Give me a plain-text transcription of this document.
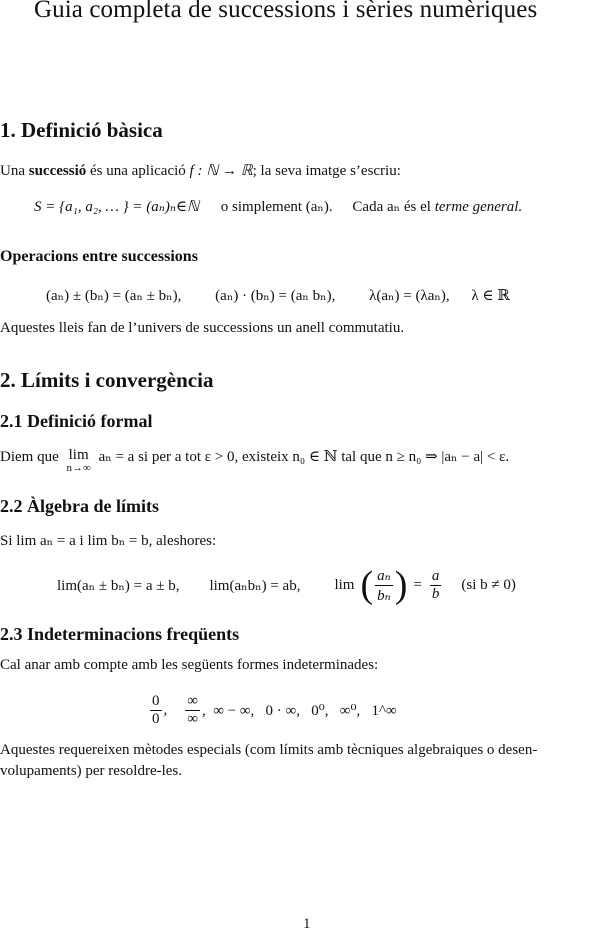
Guia completa de successions i sèries numèriques
1. Definició bàsica
Una successió és una aplicació f : ℕ → ℝ; la seva imatge s’escriu:
S = {a₁, a₂, … } = (aₙ)ₙ∈ℕ o simplement (aₙ). Cada aₙ és el terme general.
Operacions entre successions
(aₙ) ± (bₙ) = (aₙ ± bₙ), (aₙ) · (bₙ) = (aₙ bₙ), λ(aₙ) = (λaₙ), λ ∈ ℝ
Aquestes lleis fan de l’univers de successions un anell commutatiu.
2. Límits i convergència
2.1 Definició formal
Diem que lim
n→∞
aₙ = a si per a tot ε > 0, existeix n₀ ∈ ℕ tal que n ≥ n₀ ⇒ |aₙ − a| < ε.
2.2 Àlgebra de límits
Si lim aₙ = a i lim bₙ = b, aleshores:
lim(aₙ ± bₙ) = a ± b, lim(aₙbₙ) = ab, lim ( $\frac{\text{aₙ}}{\text{bₙ}}$ ) = $\frac{a}{b} (si$ b ≠ 0)
2.3 Indeterminacions freqüents
Cal anar amb compte amb les següents formes indeterminades:
$\frac{0}{0}$ , $\frac{\infty}{\infty}$ ,  ∞ − ∞,   0 · ∞,   0⁰,   ∞⁰,   1^∞
Aquestes requereixen mètodes especials (com límits amb tècniques algebraiques o desen-
volupaments) per resoldre-les.
1
